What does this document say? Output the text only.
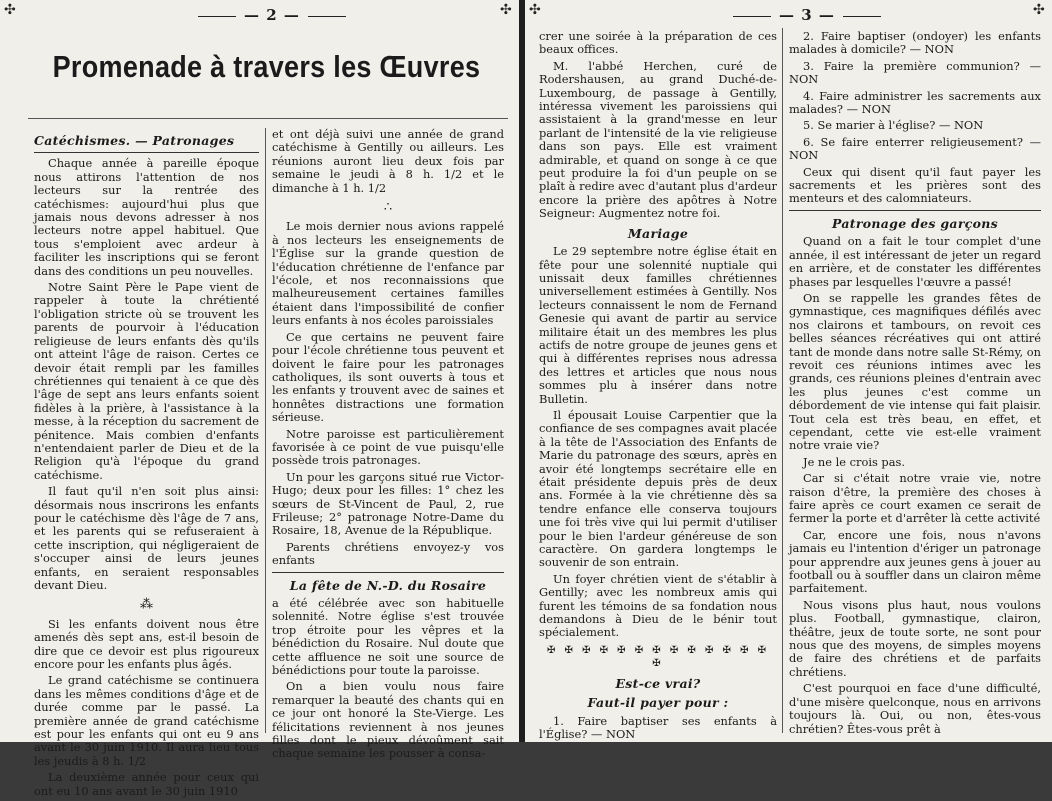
✣	✣
— 2 —
Promenade à travers les Œuvres
Catéchismes. — Patronages

Chaque année à pareille époque nous attirons l'attention de nos lecteurs sur la rentrée des catéchismes: aujourd'hui plus que jamais nous devons adresser à nos lecteurs notre appel habituel. Que tous s'emploient avec ardeur à faciliter les inscriptions qui se feront dans des conditions un peu nouvelles.

Notre Saint Père le Pape vient de rappeler à toute la chrétienté l'obligation stricte où se trouvent les parents de pourvoir à l'éducation religieuse de leurs enfants dès qu'ils ont atteint l'âge de raison. Certes ce devoir était rempli par les familles chrétiennes qui tenaient à ce que dès l'âge de sept ans leurs enfants soient fidèles à la prière, à l'assistance à la messe, à la réception du sacrement de pénitence. Mais combien d'enfants n'entendaient parler de Dieu et de la Religion qu'à l'époque du grand catéchisme.

Il faut qu'il n'en soit plus ainsi: désormais nous inscrirons les enfants pour le catéchisme dès l'âge de 7 ans, et les parents qui se refuseraient à cette inscription, qui négligeraient de s'occuper ainsi de leurs jeunes enfants, en seraient responsables devant Dieu.

⁂

Si les enfants doivent nous être amenés dès sept ans, est-il besoin de dire que ce devoir est plus rigoureux encore pour les enfants plus âgés.

Le grand catéchisme se continuera dans les mêmes conditions d'âge et de durée comme par le passé. La première année de grand catéchisme est pour les enfants qui ont eu 9 ans avant le 30 juin 1910. Il aura lieu tous les jeudis à 8 h. 1/2

La deuxième année pour ceux qui ont eu 10 ans avant le 30 juin 1910

et ont déjà suivi une année de grand catéchisme à Gentilly ou ailleurs. Les réunions auront lieu deux fois par semaine le jeudi à 8 h. 1/2 et le dimanche à 1 h. 1/2

∴

Le mois dernier nous avions rappelé à nos lecteurs les enseignements de l'Église sur la grande question de l'éducation chrétienne de l'enfance par l'école, et nos reconnaissions que malheureusement certaines familles étaient dans l'impossibilité de confier leurs enfants à nos écoles paroissiales

Ce que certains ne peuvent faire pour l'école chrétienne tous peuvent et doivent le faire pour les patronages catholiques, ils sont ouverts à tous et les enfants y trouvent avec de saines et honnêtes distractions une formation sérieuse.

Notre paroisse est particulièrement favorisée à ce point de vue puisqu'elle possède trois patronages.

Un pour les garçons situé rue Victor-Hugo; deux pour les filles: 1° chez les sœurs de St-Vincent de Paul, 2, rue Frileuse; 2° patronage Notre-Dame du Rosaire, 18, Avenue de la République.

Parents chrétiens envoyez-y vos enfants

La fête de N.-D. du Rosaire

a été célébrée avec son habituelle solennité. Notre église s'est trouvée trop étroite pour les vêpres et la bénédiction du Rosaire. Nul doute que cette affluence ne soit une source de bénédictions pour toute la paroisse.

On a bien voulu nous faire remarquer la beauté des chants qui en ce jour ont honoré la Ste-Vierge. Les félicitations reviennent à nos jeunes filles dont le pieux dévoûment sait chaque semaine les pousser à consa-

✣	✣
— 3 —

crer une soirée à la préparation de ces beaux offices.

M. l'abbé Herchen, curé de Rodershausen, au grand Duché-de-Luxembourg, de passage à Gentilly, intéressa vivement les paroissiens qui assistaient à la grand'messe en leur parlant de l'intensité de la vie religieuse dans son pays. Elle est vraiment admirable, et quand on songe à ce que peut produire la foi d'un peuple on se plaît à redire avec d'autant plus d'ardeur encore la prière des apôtres à Notre Seigneur: Augmentez notre foi.

Mariage

Le 29 septembre notre église était en fête pour une solennité nuptiale qui unissait deux familles chrétiennes universellement estimées à Gentilly. Nos lecteurs connaissent le nom de Fernand Genesie qui avant de partir au service militaire était un des membres les plus actifs de notre groupe de jeunes gens et qui à différentes reprises nous adressa des lettres et articles que nous nous sommes plu à insérer dans notre Bulletin.

Il épousait Louise Carpentier que la confiance de ses compagnes avait placée à la tête de l'Association des Enfants de Marie du patronage des sœurs, après en avoir été longtemps secrétaire elle en était présidente depuis près de deux ans. Formée à la vie chrétienne dès sa tendre enfance elle conserva toujours une foi très vive qui lui permit d'utiliser pour le bien l'ardeur généreuse de son caractère. On gardera longtemps le souvenir de son entrain.

Un foyer chrétien vient de s'établir à Gentilly; avec les nombreux amis qui furent les témoins de sa fondation nous demandons à Dieu de le bénir tout spécialement.

✠ ✠ ✠ ✠ ✠ ✠ ✠ ✠ ✠ ✠ ✠ ✠ ✠ ✠
Est-ce vrai?
Faut-il payer pour :

1. Faire baptiser ses enfants à l'Église? — NON

2. Faire baptiser (ondoyer) les enfants malades à domicile? — NON

3. Faire la première communion? — NON

4. Faire administrer les sacrements aux malades? — NON

5. Se marier à l'église? — NON

6. Se faire enterrer religieusement? — NON

Ceux qui disent qu'il faut payer les sacrements et les prières sont des menteurs et des calomniateurs.

Patronage des garçons

Quand on a fait le tour complet d'une année, il est intéressant de jeter un regard en arrière, et de constater les différentes phases par lesquelles l'œuvre a passé!

On se rappelle les grandes fêtes de gymnastique, ces magnifiques défilés avec nos clairons et tambours, on revoit ces belles séances récréatives qui ont attiré tant de monde dans notre salle St-Rémy, on revoit ces réunions intimes avec les grands, ces réunions pleines d'entrain avec les plus jeunes c'est comme un débordement de vie intense qui fait plaisir. Tout cela est très beau, en effet, et cependant, cette vie est-elle vraiment notre vraie vie?

Je ne le crois pas.

Car si c'était notre vraie vie, notre raison d'être, la première des choses à faire après ce court examen ce serait de fermer la porte et d'arrêter là cette activité

Car, encore une fois, nous n'avons jamais eu l'intention d'ériger un patronage pour apprendre aux jeunes gens à jouer au football ou à souffler dans un clairon même parfaitement.

Nous visons plus haut, nous voulons plus. Football, gymnastique, clairon, théâtre, jeux de toute sorte, ne sont pour nous que des moyens, de simples moyens de faire des chrétiens et de parfaits chrétiens.

C'est pourquoi en face d'une difficulté, d'une misère quelconque, nous en arrivons toujours là. Oui, ou non, êtes-vous chrétien? Êtes-vous prêt à
